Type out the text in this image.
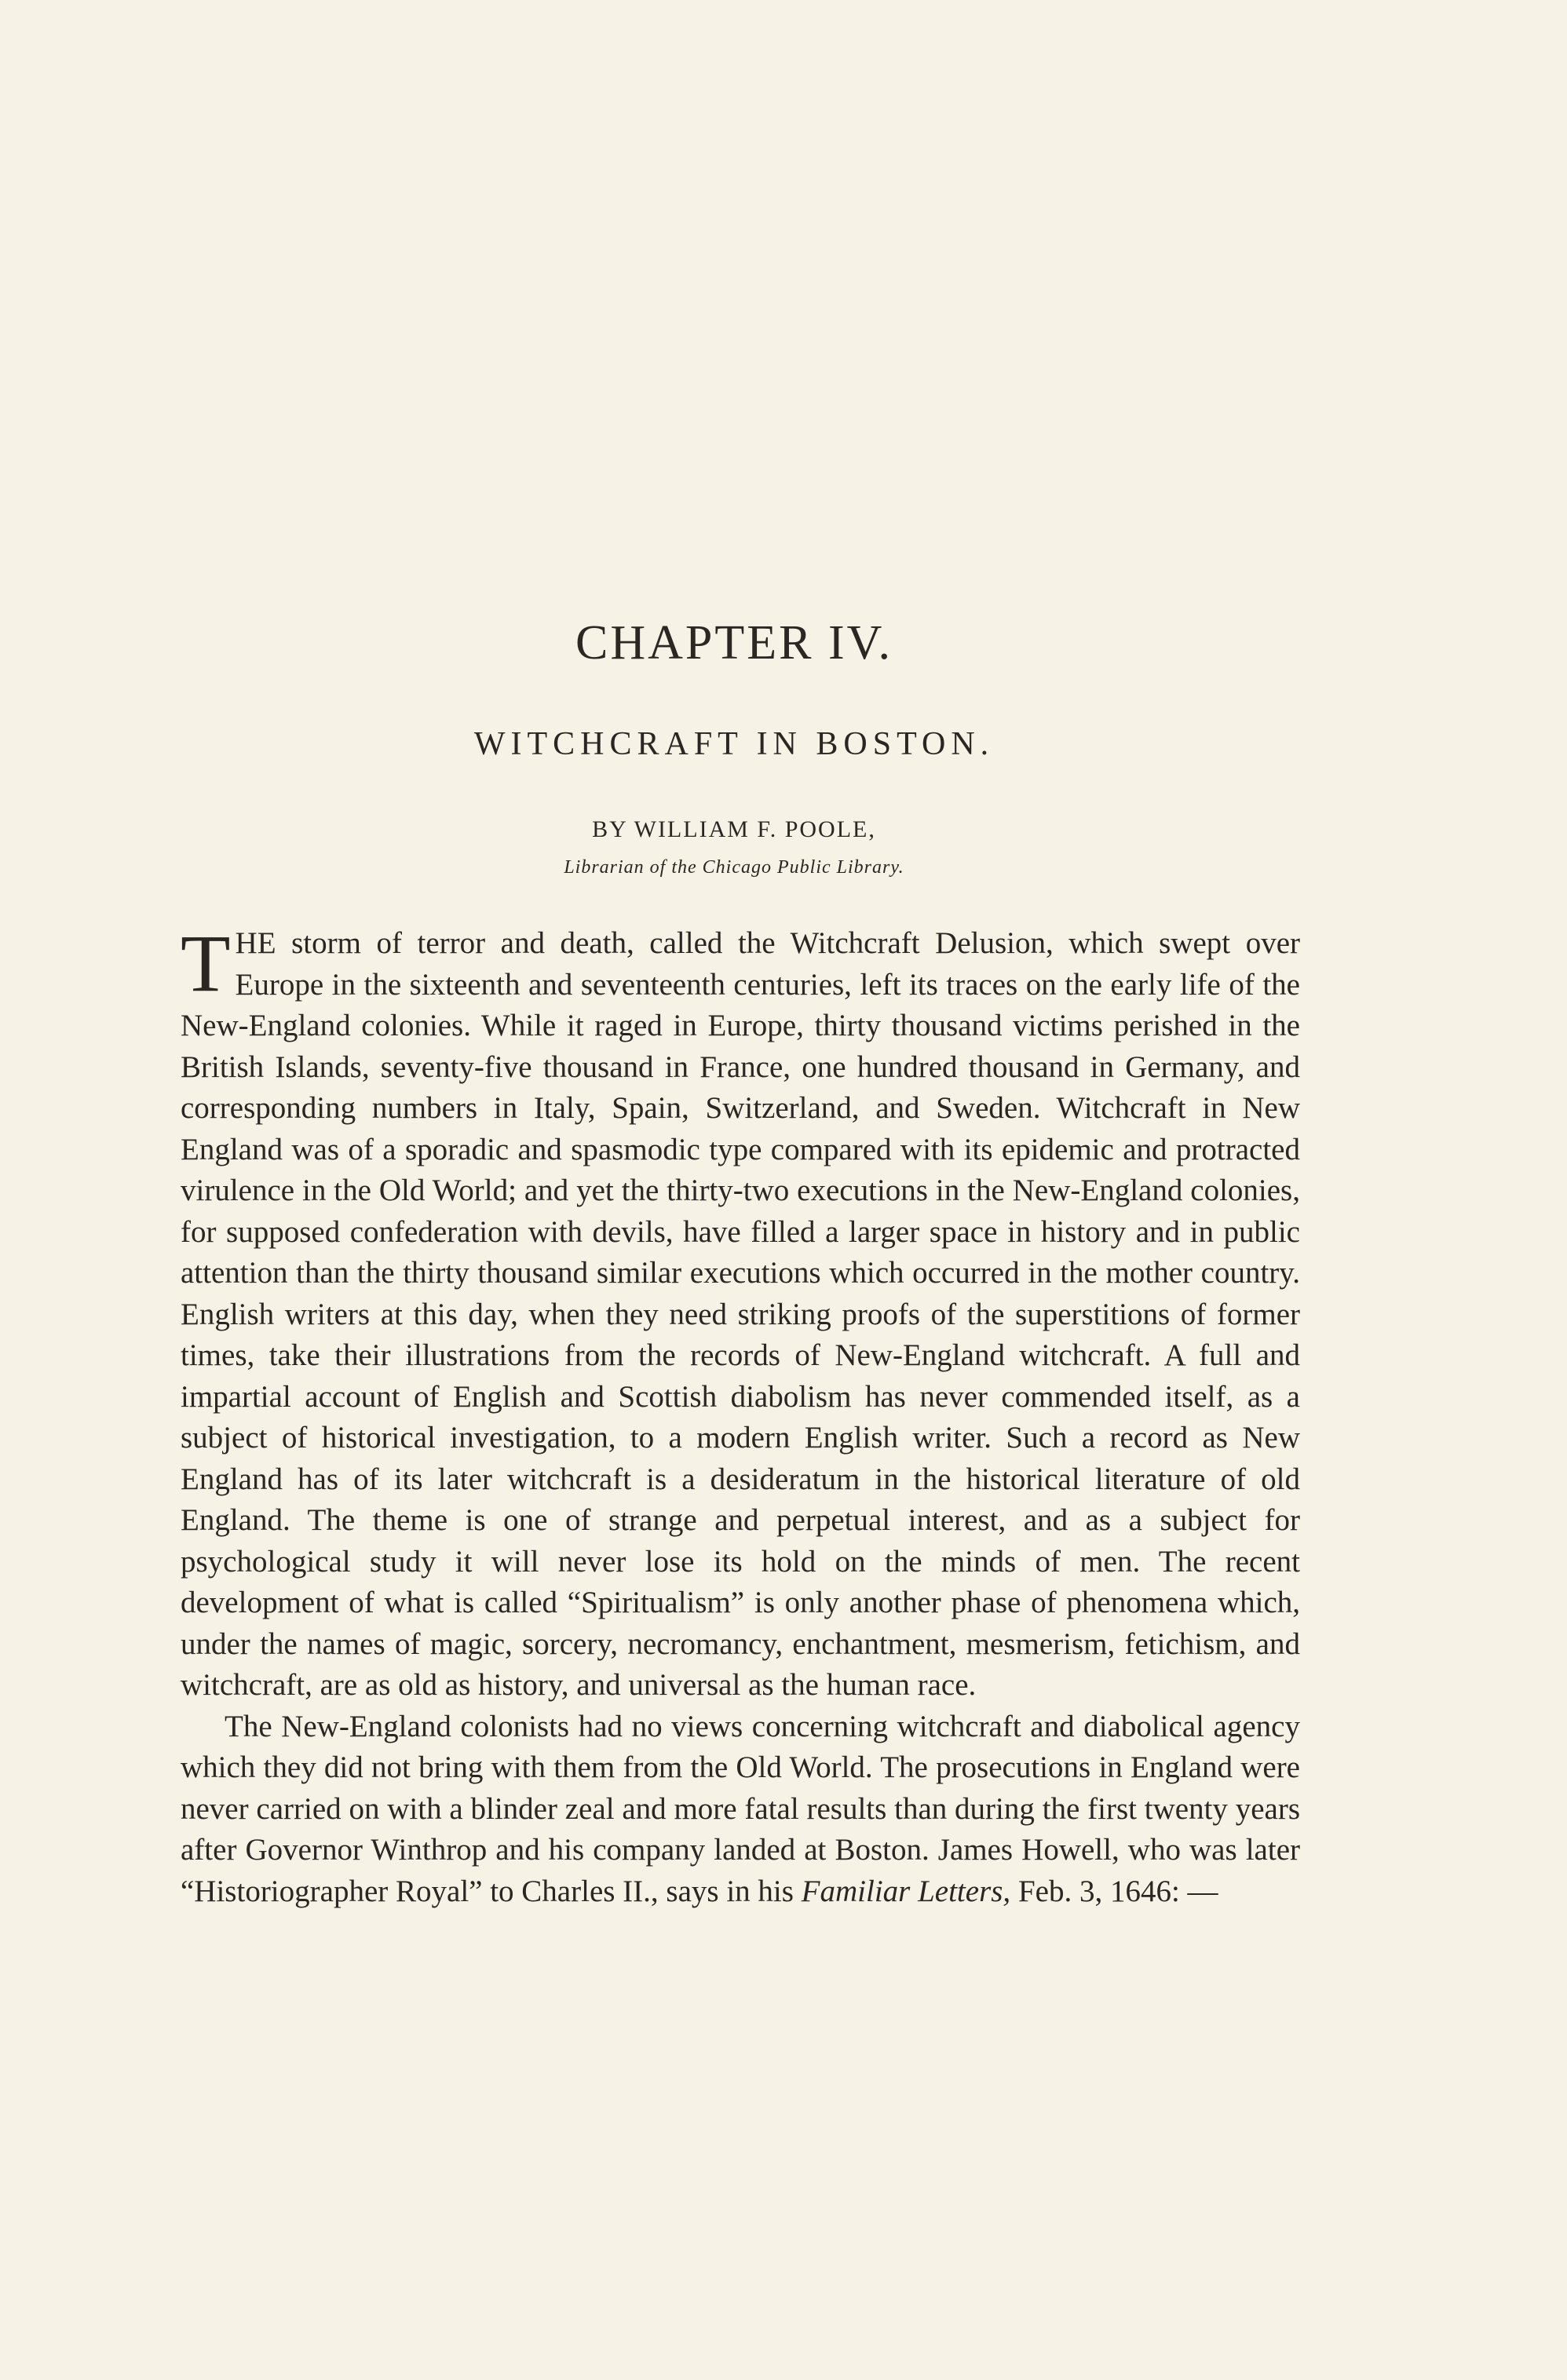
CHAPTER IV.
WITCHCRAFT IN BOSTON.
BY WILLIAM F. POOLE,
Librarian of the Chicago Public Library.

THE storm of terror and death, called the Witchcraft Delusion, which swept over Europe in the sixteenth and seventeenth centuries, left its traces on the early life of the New-England colonies. While it raged in Europe, thirty thousand victims perished in the British Islands, seventy-five thousand in France, one hundred thousand in Germany, and corresponding numbers in Italy, Spain, Switzerland, and Sweden. Witchcraft in New England was of a sporadic and spasmodic type compared with its epidemic and protracted virulence in the Old World; and yet the thirty-two executions in the New-England colonies, for supposed confederation with devils, have filled a larger space in history and in public attention than the thirty thousand similar executions which occurred in the mother country. English writers at this day, when they need striking proofs of the superstitions of former times, take their illustrations from the records of New-England witchcraft. A full and impartial account of English and Scottish diabolism has never commended itself, as a subject of historical investigation, to a modern English writer. Such a record as New England has of its later witchcraft is a desideratum in the historical literature of old England. The theme is one of strange and perpetual interest, and as a subject for psychological study it will never lose its hold on the minds of men. The recent development of what is called “Spiritualism” is only another phase of phenomena which, under the names of magic, sorcery, necromancy, enchantment, mesmerism, fetichism, and witchcraft, are as old as history, and universal as the human race.

The New-England colonists had no views concerning witchcraft and diabolical agency which they did not bring with them from the Old World. The prosecutions in England were never carried on with a blinder zeal and more fatal results than during the first twenty years after Governor Winthrop and his company landed at Boston. James Howell, who was later “Historiographer Royal” to Charles II., says in his Familiar Letters, Feb. 3, 1646: —
